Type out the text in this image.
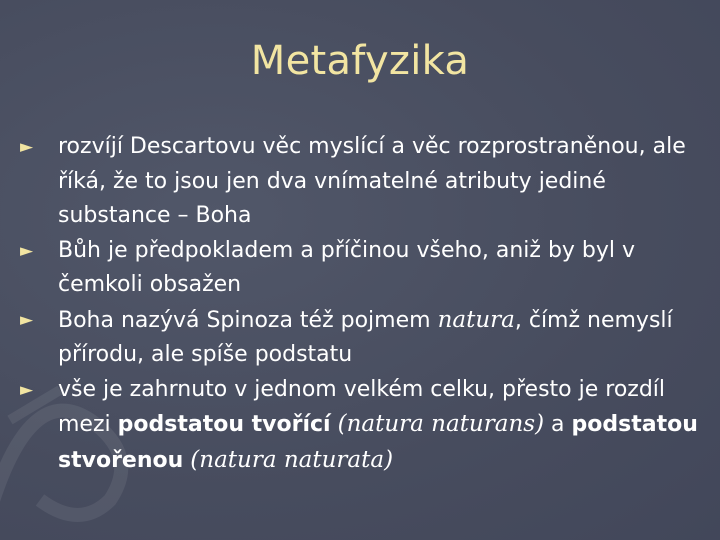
Metafyzika
► rozvíjí Descartovu věc myslící a věc rozprostraněnou, ale říká, že to jsou jen dva vnímatelné atributy jediné substance – Boha
► Bůh je předpokladem a příčinou všeho, aniž by byl v čemkoli obsažen
► Boha nazývá Spinoza též pojmem natura, čímž nemyslí přírodu, ale spíše podstatu
► vše je zahrnuto v jednom velkém celku, přesto je rozdíl mezi podstatou tvořící (natura naturans) a podstatou stvořenou (natura naturata)
